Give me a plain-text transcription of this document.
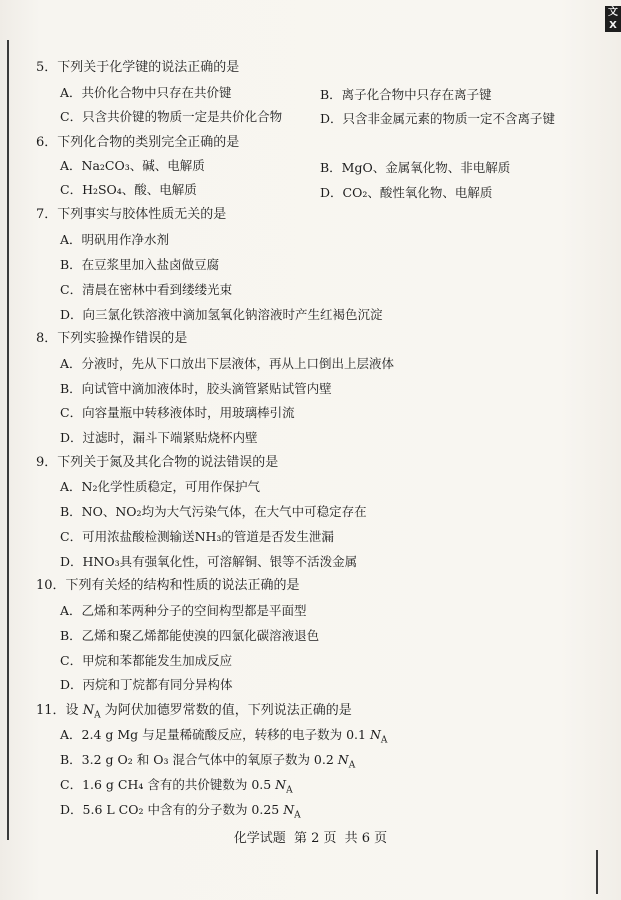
文X
5．下列关于化学键的说法正确的是
A．共价化合物中只存在共价键	B．离子化合物中只存在离子键
C．只含共价键的物质一定是共价化合物	D．只含非金属元素的物质一定不含离子键
6．下列化合物的类别完全正确的是
A．Na₂CO₃、碱、电解质	B．MgO、金属氧化物、非电解质
C．H₂SO₄、酸、电解质	D．CO₂、酸性氧化物、电解质
7．下列事实与胶体性质无关的是
A．明矾用作净水剂
B．在豆浆里加入盐卤做豆腐
C．清晨在密林中看到缕缕光束
D．向三氯化铁溶液中滴加氢氧化钠溶液时产生红褐色沉淀
8．下列实验操作错误的是
A．分液时，先从下口放出下层液体，再从上口倒出上层液体
B．向试管中滴加液体时，胶头滴管紧贴试管内壁
C．向容量瓶中转移液体时，用玻璃棒引流
D．过滤时，漏斗下端紧贴烧杯内壁
9．下列关于氮及其化合物的说法错误的是
A．N₂化学性质稳定，可用作保护气
B．NO、NO₂均为大气污染气体，在大气中可稳定存在
C．可用浓盐酸检测输送NH₃的管道是否发生泄漏
D．HNO₃具有强氧化性，可溶解铜、银等不活泼金属
10．下列有关烃的结构和性质的说法正确的是
A．乙烯和苯两种分子的空间构型都是平面型
B．乙烯和聚乙烯都能使溴的四氯化碳溶液退色
C．甲烷和苯都能发生加成反应
D．丙烷和丁烷都有同分异构体
11．设 $N_A$ 为阿伏加德罗常数的值，下列说法正确的是
A．2.4 g Mg 与足量稀硫酸反应，转移的电子数为 0.1 $N_A$
B．3.2 g O₂ 和 O₃ 混合气体中的氧原子数为 0.2 $N_A$
C．1.6 g CH₄ 含有的共价键数为 0.5 $N_A$
D．5.6 L CO₂ 中含有的分子数为 0.25 $N_A$
化学试题 第 2 页 共 6 页
